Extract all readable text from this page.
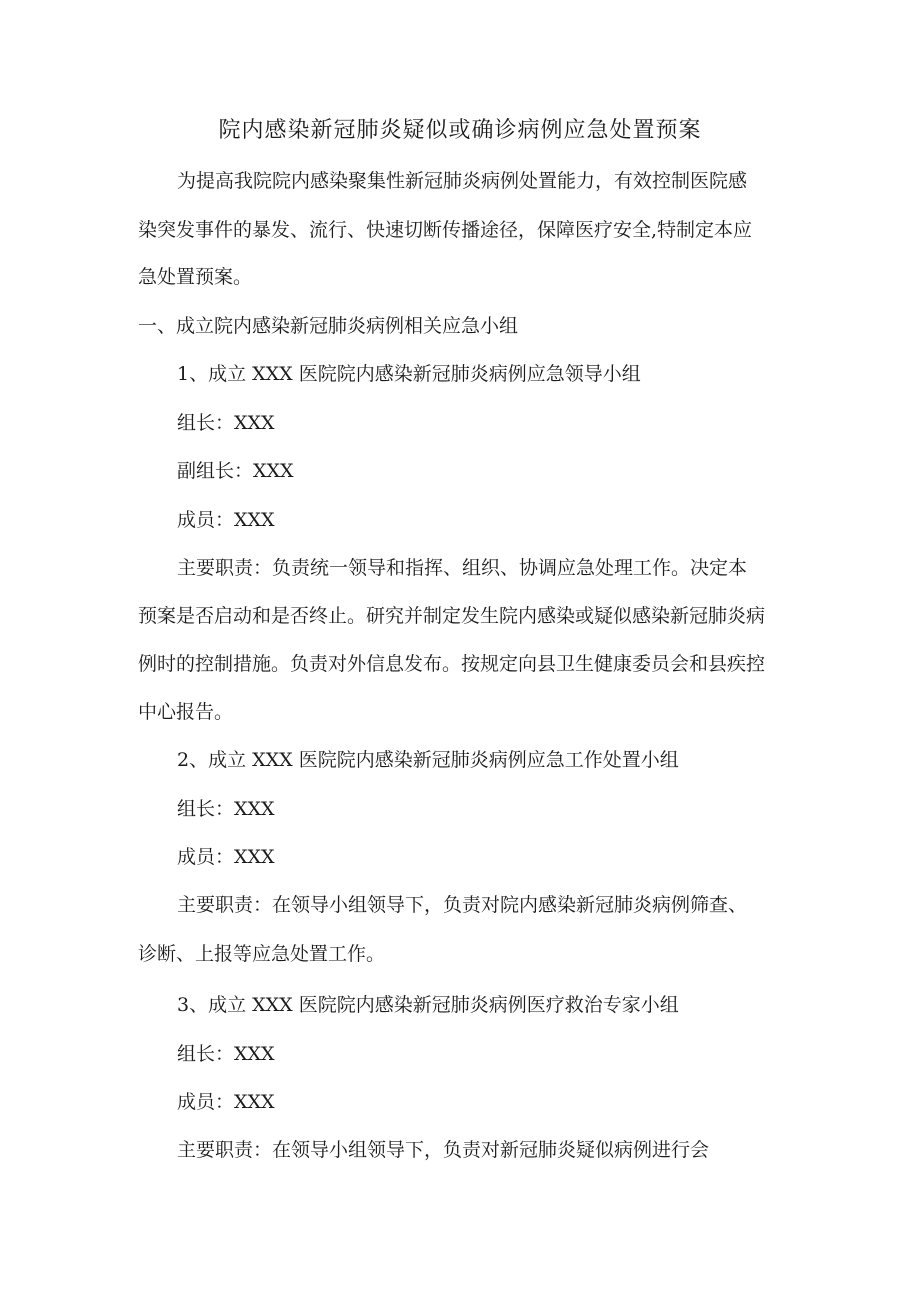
院内感染新冠肺炎疑似或确诊病例应急处置预案
为提高我院院内感染聚集性新冠肺炎病例处置能力，有效控制医院感
染突发事件的暴发、流行、快速切断传播途径，保障医疗安全,特制定本应
急处置预案。
一、成立院内感染新冠肺炎病例相关应急小组
1、成立 XXX 医院院内感染新冠肺炎病例应急领导小组
组长：XXX
副组长：XXX
成员：XXX
主要职责：负责统一领导和指挥、组织、协调应急处理工作。决定本
预案是否启动和是否终止。研究并制定发生院内感染或疑似感染新冠肺炎病
例时的控制措施。负责对外信息发布。按规定向县卫生健康委员会和县疾控
中心报告。
2、成立 XXX 医院院内感染新冠肺炎病例应急工作处置小组
组长：XXX
成员：XXX
主要职责：在领导小组领导下，负责对院内感染新冠肺炎病例筛查、
诊断、上报等应急处置工作。
3、成立 XXX 医院院内感染新冠肺炎病例医疗救治专家小组
组长：XXX
成员：XXX
主要职责：在领导小组领导下，负责对新冠肺炎疑似病例进行会
